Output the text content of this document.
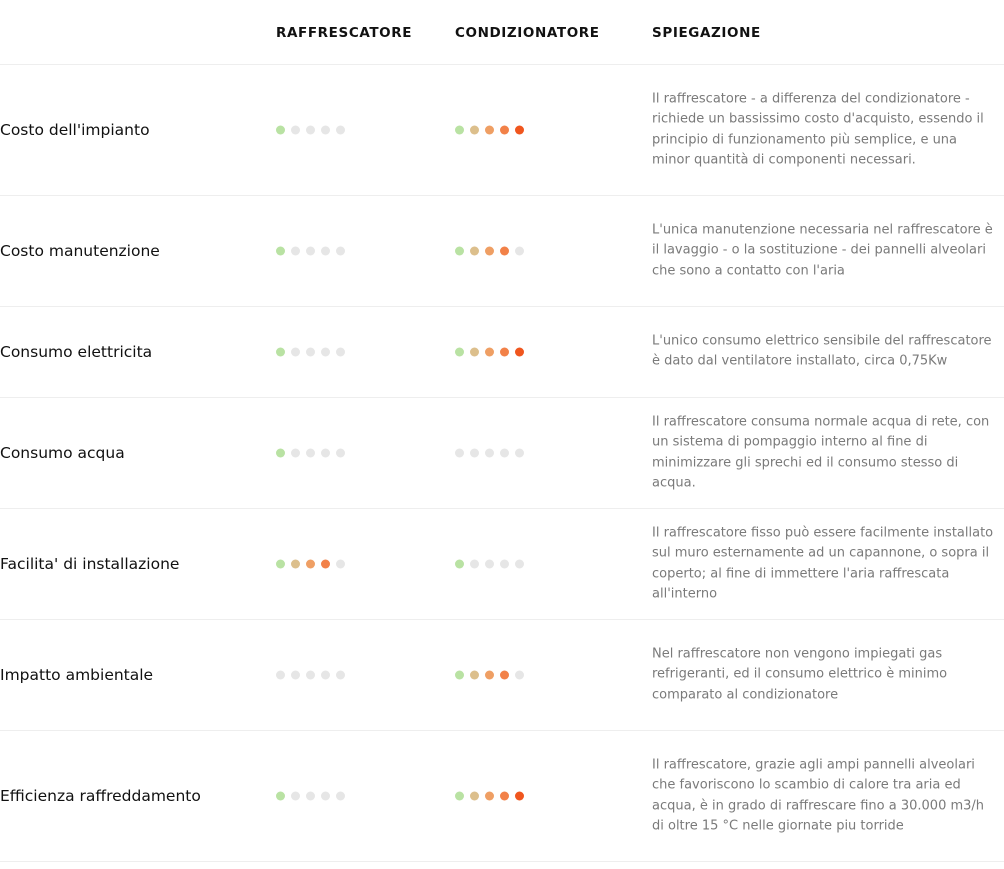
RAFFRESCATORE	CONDIZIONATORE	SPIEGAZIONE
Costo dell'impianto
Il raffrescatore - a differenza del condizionatore - richiede un bassissimo costo d'acquisto, essendo il principio di funzionamento più semplice, e una minor quantità di componenti necessari.
Costo manutenzione
L'unica manutenzione necessaria nel raffrescatore è il lavaggio - o la sostituzione - dei pannelli alveolari che sono a contatto con l'aria
Consumo elettricita
L'unico consumo elettrico sensibile del raffrescatore è dato dal ventilatore installato, circa 0,75Kw
Consumo acqua
Il raffrescatore consuma normale acqua di rete, con un sistema di pompaggio interno al fine di minimizzare gli sprechi ed il consumo stesso di acqua.
Facilita' di installazione
Il raffrescatore fisso può essere facilmente installato sul muro esternamente ad un capannone, o sopra il coperto; al fine di immettere l'aria raffrescata all'interno
Impatto ambientale
Nel raffrescatore non vengono impiegati gas refrigeranti, ed il consumo elettrico è minimo comparato al condizionatore
Efficienza raffreddamento
Il raffrescatore, grazie agli ampi pannelli alveolari che favoriscono lo scambio di calore tra aria ed acqua, è in grado di raffrescare fino a 30.000 m3/h di oltre 15 °C nelle giornate piu torride
